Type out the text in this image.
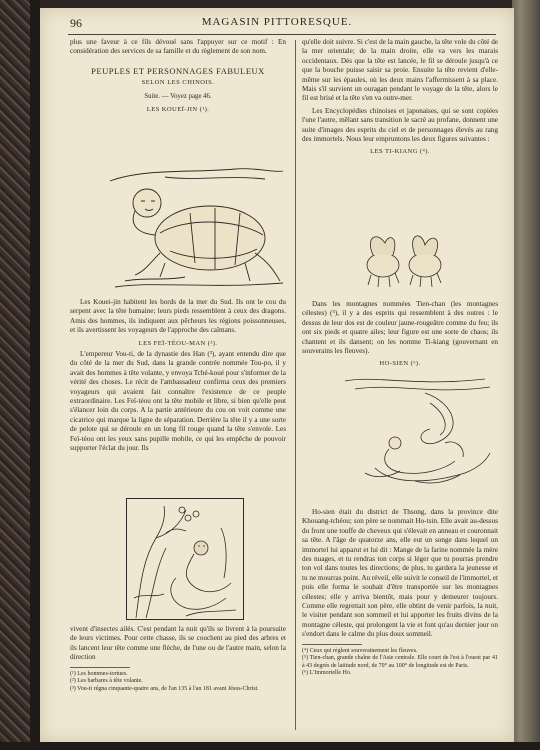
96	MAGASIN PITTORESQUE.

plus une faveur à ce fils dévoué sans l'appuyer sur ce motif : En considération des services de sa famille et du règlement de son nom.

PEUPLES ET PERSONNAGES FABULEUX
SELON LES CHINOIS.
Suite. — Voyez page 46.
LES KOUEÏ-JIN (¹).

Les Kouei-jin habitent les bords de la mer du Sud. Ils ont le cou du serpent avec la tête humaine; leurs pieds ressemblent à ceux des dragons. Amis des hommes, ils indiquent aux pêcheurs les régions poissonneuses, et ils avertissent les voyageurs de l'approche des caïmans.

LES FEÏ-TÉOU-MAN (²).

L'empereur Vou-ti, de la dynastie des Han (³), ayant entendu dire que du côté de la mer du Sud, dans la grande contrée nommée Tou-po, il y avait des hommes à tête volante, y envoya Tché-koué pour s'informer de la vérité des choses. Le récit de l'ambassadeur confirma ceux des premiers voyageurs qui avaient fait connaître l'existence de ce peuple extraordinaire. Les Feï-téou ont la tête mobile et libre, si bien qu'elle peut s'élancer loin du corps. A la partie antérieure du cou on voit comme une cicatrice qui marque la ligne de séparation. Derrière la tête il y a une sorte de pelote qui se déroule en un long fil rouge quand la tête s'envole. Les Feï-téou ont les yeux sans pupille mobile, ce qui les empêche de pouvoir supporter l'éclat du jour. Ils

vivent d'insectes ailés. C'est pendant la nuit qu'ils se livrent à la poursuite de leurs victimes. Pour cette chasse, ils se couchent au pied des arbres et ils lancent leur tête comme une flèche, de l'une ou de l'autre main, selon la direction

(¹) Les hommes-tortues.
(²) Les barbares à tête volante.
(³) Vou-ti régna cinquante-quatre ans, de l'an 135 à l'an 181 avant Jésus-Christ.

qu'elle doit suivre. Si c'est de la main gauche, la tête vole du côté de la mer orientale; de la main droite, elle va vers les marais occidentaux. Dès que la tête est lancée, le fil se déroule jusqu'à ce que la bouche puisse saisir sa proie. Ensuite la tête revient d'elle-même sur les épaules, où les deux mains l'affermissent à sa place. Mais s'il survient un ouragan pendant le voyage de la tête, alors le fil est brisé et la tête s'en va outre-mer.

Les Encyclopédies chinoises et japonaises, qui se sont copiées l'une l'autre, mêlant sans transition le sacré au profane, donnent une suite d'images des esprits du ciel et de personnages élevés au rang des immortels. Nous leur empruntons les deux figures suivantes :

LES TI-KIANG (⁴).

Dans les montagnes nommées Tien-chan (les montagnes célestes) (⁵), il y a des esprits qui ressemblent à des outres : le dessus de leur dos est de couleur jaune-rougeâtre comme du feu; ils ont six pieds et quatre ailes; leur figure est une sorte de chaos; ils chantent et ils dansent; on les nomme Ti-kiang (gouvernant en souverains les fleuves).

HO-SIEN (⁶).

Ho-sien était du district de Thsong, dans la province dite Khouang-tchéou; son père se nommait Ho-tsin. Elle avait au-dessus du front une touffe de cheveux qui s'élevait en anneau et couronnait sa tête. A l'âge de quatorze ans, elle eut un songe dans lequel un immortel lui apparut et lui dit : Mange de la farine nommée la mère des nuages, et tu rendras ton corps si léger que tu pourras prendre ton vol dans toutes les directions; de plus, tu gardera la jeunesse et tu ne mourras point. Au réveil, elle suivit le conseil de l'immortel, et puis elle forma le souhait d'être transportée sur les montagnes célestes; elle y arriva bientôt, mais pour y demeurer toujours. Comme elle regrettait son père, elle obtint de venir parfois, la nuit, le visiter pendant son sommeil et lui apporter les fruits divins de la montagne céleste, qui prolongent la vie et font qu'au dernier jour on s'endort dans le calme du plus doux sommeil.

(⁴) Ceux qui règlent souverainement les fleuves.
(⁵) Tien-chan, grande chaîne de l'Asie centrale. Elle court de l'est à l'ouest par 41 à 43 degrés de latitude nord, de 70° au 100° de longitude est de Paris.
(⁶) L'Immortelle Ho.
